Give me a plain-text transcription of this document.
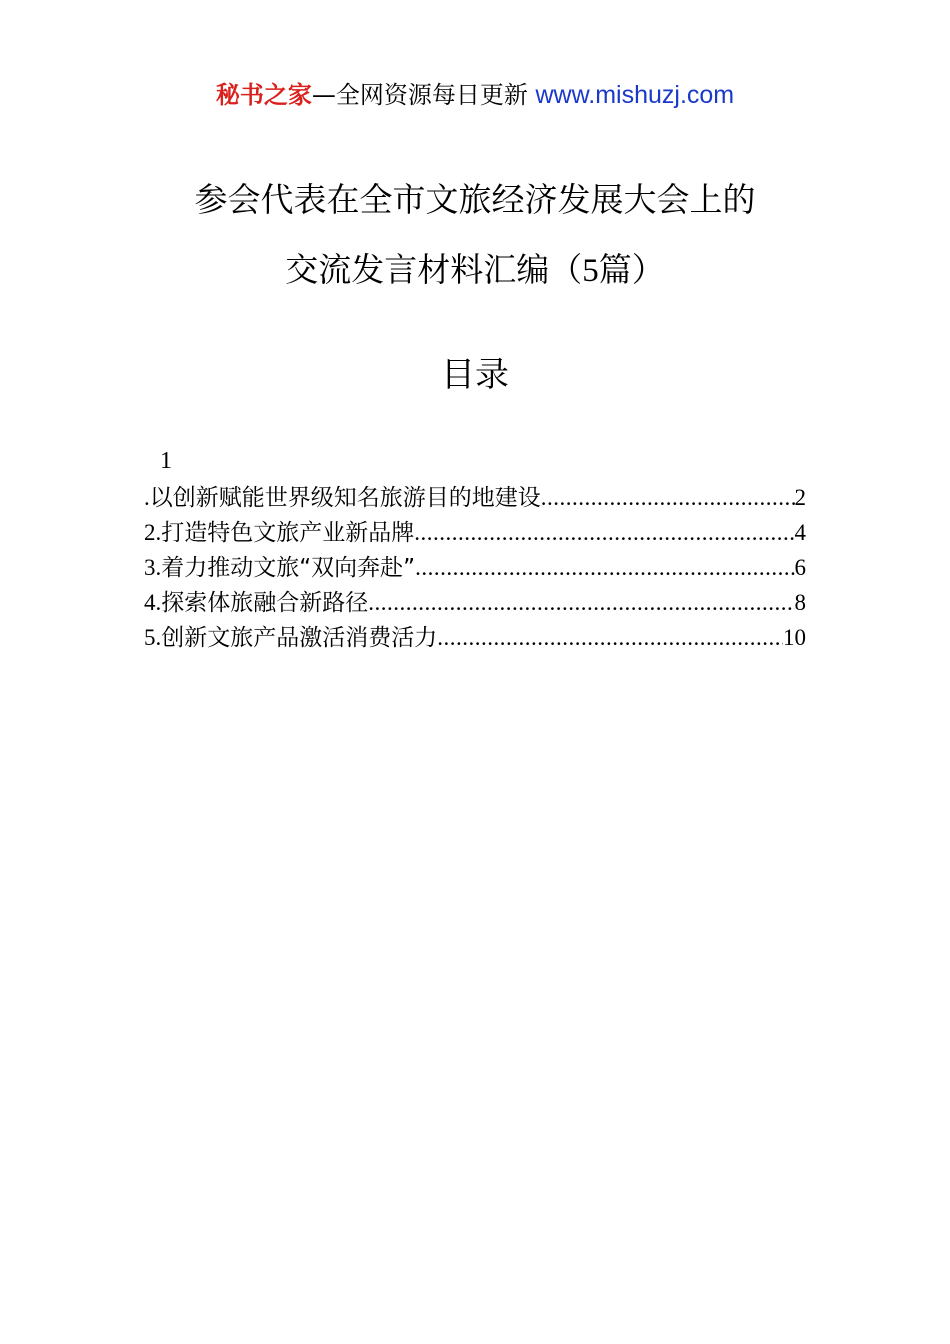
秘书之家—全网资源每日更新 www.mishuzj.com
参会代表在全市文旅经济发展大会上的
交流发言材料汇编（5篇）
目录
1
. 以创新赋能世界级知名旅游目的地建设 .....	2
2. 打造特色文旅产业新品牌 .....	4
3. 着力推动文旅“双向奔赴” .....	6
4. 探索体旅融合新路径 .....	8
5. 创新文旅产品激活消费活力 .....	10
